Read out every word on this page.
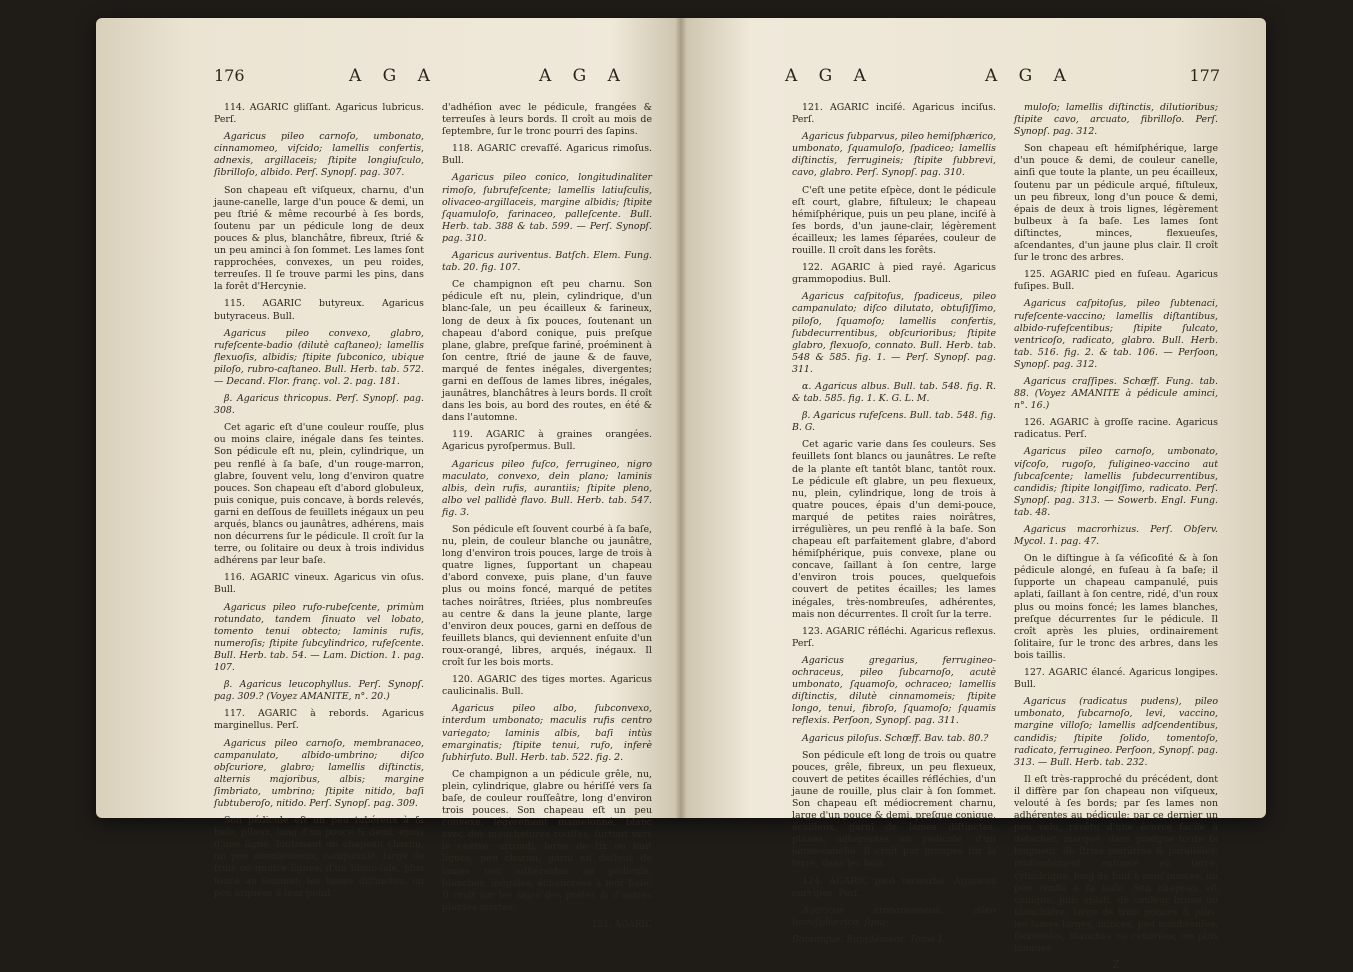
176	A G A	A G A

114. AGARIC gliſſant. Agaricus lubricus. Perſ.

Agaricus pileo carnoſo, umbonato, cinnamomeo, viſcido; lamellis confertis, adnexis, argillaceis; ſtipite longiuſculo, ſibrilloſo, albido. Perſ. Synopſ. pag. 307.

Son chapeau eſt viſqueux, charnu, d'un jaune-canelle, large d'un pouce & demi, un peu ſtrié & même recourbé à ſes bords, ſoutenu par un pédicule long de deux pouces & plus, blanchâtre, fibreux, ſtrié & un peu aminci à ſon ſommet. Les lames ſont rapprochées, convexes, un peu roides, terreuſes. Il ſe trouve parmi les pins, dans la forêt d'Hercynie.

115. AGARIC butyreux. Agaricus butyraceus. Bull.

Agaricus pileo convexo, glabro, rufeſcente-badio (dilutè caſtaneo); lamellis flexuoſis, albidis; ſtipite ſubconico, ubique piloſo, rubro-caſtaneo. Bull. Herb. tab. 572. — Decand. Flor. franç. vol. 2. pag. 181.

β. Agaricus thricopus. Perſ. Synopſ. pag. 308.

Cet agaric eſt d'une couleur rouſſe, plus ou moins claire, inégale dans ſes teintes. Son pédicule eſt nu, plein, cylindrique, un peu renflé à ſa baſe, d'un rouge-marron, glabre, ſouvent velu, long d'environ quatre pouces. Son chapeau eſt d'abord globuleux, puis conique, puis concave, à bords relevés, garni en deſſous de feuillets inégaux un peu arqués, blancs ou jaunâtres, adhérens, mais non décurrens ſur le pédicule. Il croît ſur la terre, ou ſolitaire ou deux à trois individus adhérens par leur baſe.

116. AGARIC vineux. Agaricus vin oſus. Bull.

Agaricus pileo rufo-rubeſcente, primùm rotundato, tandem ſinuato vel lobato, tomento tenui obtecto; laminis rufis, numeroſis; ſtipite ſubcylindrico, rufeſcente. Bull. Herb. tab. 54. — Lam. Diction. 1. pag. 107.

β. Agaricus leucophyllus. Perſ. Synopſ. pag. 309.? (Voyez AMANITE, n°. 20.)

117. AGARIC à rebords. Agaricus marginellus. Perſ.

Agaricus pileo carnoſo, membranaceo, campanulato, albido-umbrino; diſco obſcuriore, glabro; lamellis diſtinctis, alternis majoribus, albis; margine ſimbriato, umbrino; ſtipite nitido, baſi ſubtuberoſo, nitido. Perſ. Synopſ. pag. 309.

Son pédicule eſt un peu tubéreux à ſa baſe, pileux, long d'un pouce & demi, épais d'une ligne, ſoutenant un chapeau charnu, un peu membraneux, campanulé, large de trois ou quatre lignes, d'un blanc-ſale, plus foncé au ſommet; les lames diſtinctes, un peu arquées à leur point

d'adhéſion avec le pédicule, frangées & terreuſes à leurs bords. Il croît au mois de ſeptembre, ſur le tronc pourri des ſapins.

118. AGARIC crevaſſé. Agaricus rimoſus. Bull.

Agaricus pileo conico, longitudinaliter rimoſo, ſubrufeſcente; lamellis latiuſculis, olivaceo-argillaceis, margine albidis; ſtipite ſquamuloſo, farinaceo, palleſcente. Bull. Herb. tab. 388 & tab. 599. — Perſ. Synopſ. pag. 310.

Agaricus auriventus. Batſch. Elem. Fung. tab. 20. fig. 107.

Ce champignon eſt peu charnu. Son pédicule eſt nu, plein, cylindrique, d'un blanc-ſale, un peu écailleux & farineux, long de deux à ſix pouces, ſoutenant un chapeau d'abord conique, puis preſque plane, glabre, preſque fariné, proéminent à ſon centre, ſtrié de jaune & de fauve, marqué de fentes inégales, divergentes; garni en deſſous de lames libres, inégales, jaunâtres, blanchâtres à leurs bords. Il croît dans les bois, au bord des routes, en été & dans l'automne.

119. AGARIC à graines orangées. Agaricus pyroſpermus. Bull.

Agaricus pileo fuſco, ferrugineo, nigro maculato, convexo, deìn plano; laminis albis, deìn rufis, aurantiis; ſtipite pleno, albo vel pallidè flavo. Bull. Herb. tab. 547. fig. 3.

Son pédicule eſt ſouvent courbé à ſa baſe, nu, plein, de couleur blanche ou jaunâtre, long d'environ trois pouces, large de trois à quatre lignes, ſupportant un chapeau d'abord convexe, puis plane, d'un fauve plus ou moins foncé, marqué de petites taches noirâtres, ſtriées, plus nombreuſes au centre & dans la jeune plante, large d'environ deux pouces, garni en deſſous de feuillets blancs, qui deviennent enſuite d'un roux-orangé, libres, arqués, inégaux. Il croît ſur les bois morts.

120. AGARIC des tiges mortes. Agaricus caulicinalis. Bull.

Agaricus pileo albo, ſubconvexo, interdum umbonato; maculis rufis centro variegato; laminis albis, baſi intùs emarginatis; ſtipite tenui, rufo, inferè ſubhirſuto. Bull. Herb. tab. 522. fig. 2.

Ce champignon a un pédicule grêle, nu, plein, cylindrique, glabre ou hériſſé vers ſa baſe, de couleur rouſſeâtre, long d'environ trois pouces. Son chapeau eſt un peu convexe, légèrement mamelonné, blanc avec des mouchetures rouſſes, ſurtout vers le centre; arrondi, large de ſix ou huit lignes, peu charnu, garni en deſſous de lames non adhérentes au pédicule, blanches, inégales, échancrées à leur baſe. Il croît ſur les tiges des prêles & d'autres plantes mortes.

121. AGARIC
A G A	A G A	177

121. AGARIC inciſé. Agaricus inciſus. Perſ.

Agaricus ſubparvus, pileo hemiſphærico, umbonato, ſquamuloſo, ſpadiceo; lamellis diſtinctis, ferrugineis; ſtipite ſubbrevi, cavo, glabro. Perſ. Synopſ. pag. 310.

C'eſt une petite eſpèce, dont le pédicule eſt court, glabre, fiſtuleux; le chapeau hémiſphérique, puis un peu plane, inciſé à ſes bords, d'un jaune-clair, légèrement écailleux; les lames ſéparées, couleur de rouille. Il croît dans les forêts.

122. AGARIC à pied rayé. Agaricus grammopodius. Bull.

Agaricus caſpitoſus, ſpadiceus, pileo campanulato; diſco dilutato, obtuſiſſimo, piloſo, ſquamoſo; lamellis confertis, ſubdecurrentibus, obſcurioribus; ſtipite glabro, flexuoſo, connato. Bull. Herb. tab. 548 & 585. fig. 1. — Perſ. Synopſ. pag. 311.

α. Agaricus albus. Bull. tab. 548. fig. R. & tab. 585. fig. 1. K. G. L. M.

β. Agaricus rufeſcens. Bull. tab. 548. fig. B. G.

Cet agaric varie dans ſes couleurs. Ses feuillets ſont blancs ou jaunâtres. Le reſte de la plante eſt tantôt blanc, tantôt roux. Le pédicule eſt glabre, un peu flexueux, nu, plein, cylindrique, long de trois à quatre pouces, épais d'un demi-pouce, marqué de petites raies noirâtres, irrégulières, un peu renflé à la baſe. Son chapeau eſt parfaitement glabre, d'abord hémiſphérique, puis convexe, plane ou concave, ſaillant à ſon centre, large d'environ trois pouces, quelquefois couvert de petites écailles; les lames inégales, très-nombreuſes, adhérentes, mais non décurrentes. Il croît ſur la terre.

123. AGARIC réfléchi. Agaricus reflexus. Perſ.

Agaricus gregarius, ferrugineo-ochraceus, pileo ſubcarnoſo, acutè umbonato, ſquamoſo, ochraceo; lamellis diſtinctis, dilutè cinnamomeis; ſtipite longo, tenui, fibroſo, ſquamoſo; ſquamis reflexis. Perſoon, Synopſ. pag. 311.

Agaricus piloſus. Schœff. Bav. tab. 80.?

Son pédicule eſt long de trois ou quatre pouces, grêle, fibreux, un peu flexueux, couvert de petites écailles réfléchies, d'un jaune de rouille, plus clair à ſon ſommet. Son chapeau eſt médiocrement charnu, large d'un pouce & demi, preſque conique, écailleux, garni de lames diſtinctes, planes, adhérentes au pédicule, d'un jaune-canelle. Il croît par groupes ſur la terre, dans les bois.

124. AGARIC pied recourbé. Agaricus curvipes. Perſ.

Agaricus cinnamomeus, pileo hemiſphærico, ſqua-

Botanique. Supplément. Tome I.

muloſo; lamellis diſtinctis, dilutioribus; ſtipite cavo, arcuato, fibrilloſo. Perſ. Synopſ. pag. 312.

Son chapeau eſt hémiſphérique, large d'un pouce & demi, de couleur canelle, ainſi que toute la plante, un peu écailleux, ſoutenu par un pédicule arqué, fiſtuleux, un peu fibreux, long d'un pouce & demi, épais de deux à trois lignes, légèrement bulbeux à ſa baſe. Les lames ſont diſtinctes, minces, flexueuſes, aſcendantes, d'un jaune plus clair. Il croît ſur le tronc des arbres.

125. AGARIC pied en fuſeau. Agaricus fuſipes. Bull.

Agaricus caſpitoſus, pileo ſubtenaci, rufeſcente-vaccino; lamellis diſtantibus, albido-rufeſcentibus; ſtipite ſulcato, ventricoſo, radicato, glabro. Bull. Herb. tab. 516. fig. 2. & tab. 106. — Perſoon, Synopſ. pag. 312.

Agaricus craſſipes. Schœff. Fung. tab. 88. (Voyez AMANITE à pédicule aminci, n°. 16.)

126. AGARIC à groſſe racine. Agaricus radicatus. Perſ.

Agaricus pileo carnoſo, umbonato, viſcoſo, rugoſo, fuligineo-vaccino aut ſubcaſcente; lamellis ſubdecurrentibus, candidis; ſtipite longiſſimo, radicato. Perſ. Synopſ. pag. 313. — Sowerb. Engl. Fung. tab. 48.

Agaricus macrorhizus. Perſ. Obſerv. Mycol. 1. pag. 47.

On le diſtingue à ſa véſicoſité & à ſon pédicule alongé, en fuſeau à ſa baſe; il ſupporte un chapeau campanulé, puis aplati, ſaillant à ſon centre, ridé, d'un roux plus ou moins foncé; les lames blanches, preſque décurrentes ſur le pédicule. Il croît après les pluies, ordinairement ſolitaire, ſur le tronc des arbres, dans les bois taillis.

127. AGARIC élancé. Agaricus longipes. Bull.

Agaricus (radicatus pudens), pileo umbonato, ſubcarnoſo, levi, vaccino, margine villoſo; lamellis adſcendentibus, candidis; ſtipite ſolido, tomentoſo, radicato, ferrugineo. Perſoon, Synopſ. pag. 313. — Bull. Herb. tab. 232.

Il eſt très-rapproché du précédent, dont il diffère par ſon chapeau non viſqueux, velouté à ſes bords; par ſes lames non adhérentes au pédicule; par ce dernier un peu velu, revêtu d'une écorce facile à détacher, marqué, dans preſque toute ſa longueur, de ſtries noirâtres & parallèles, profondément enfoncé en terre, cylindrique, long de huit à neuf pouces, un peu renflé à ſa baſe. Son chapeau eſt conique, puis aplati, de couleur brune ou blanchâtre, large de trois pouces & plus; les lames larges, minces, peu nombreuſes, flexueuſes, blanches ou cendrées; les plus longues

Z
